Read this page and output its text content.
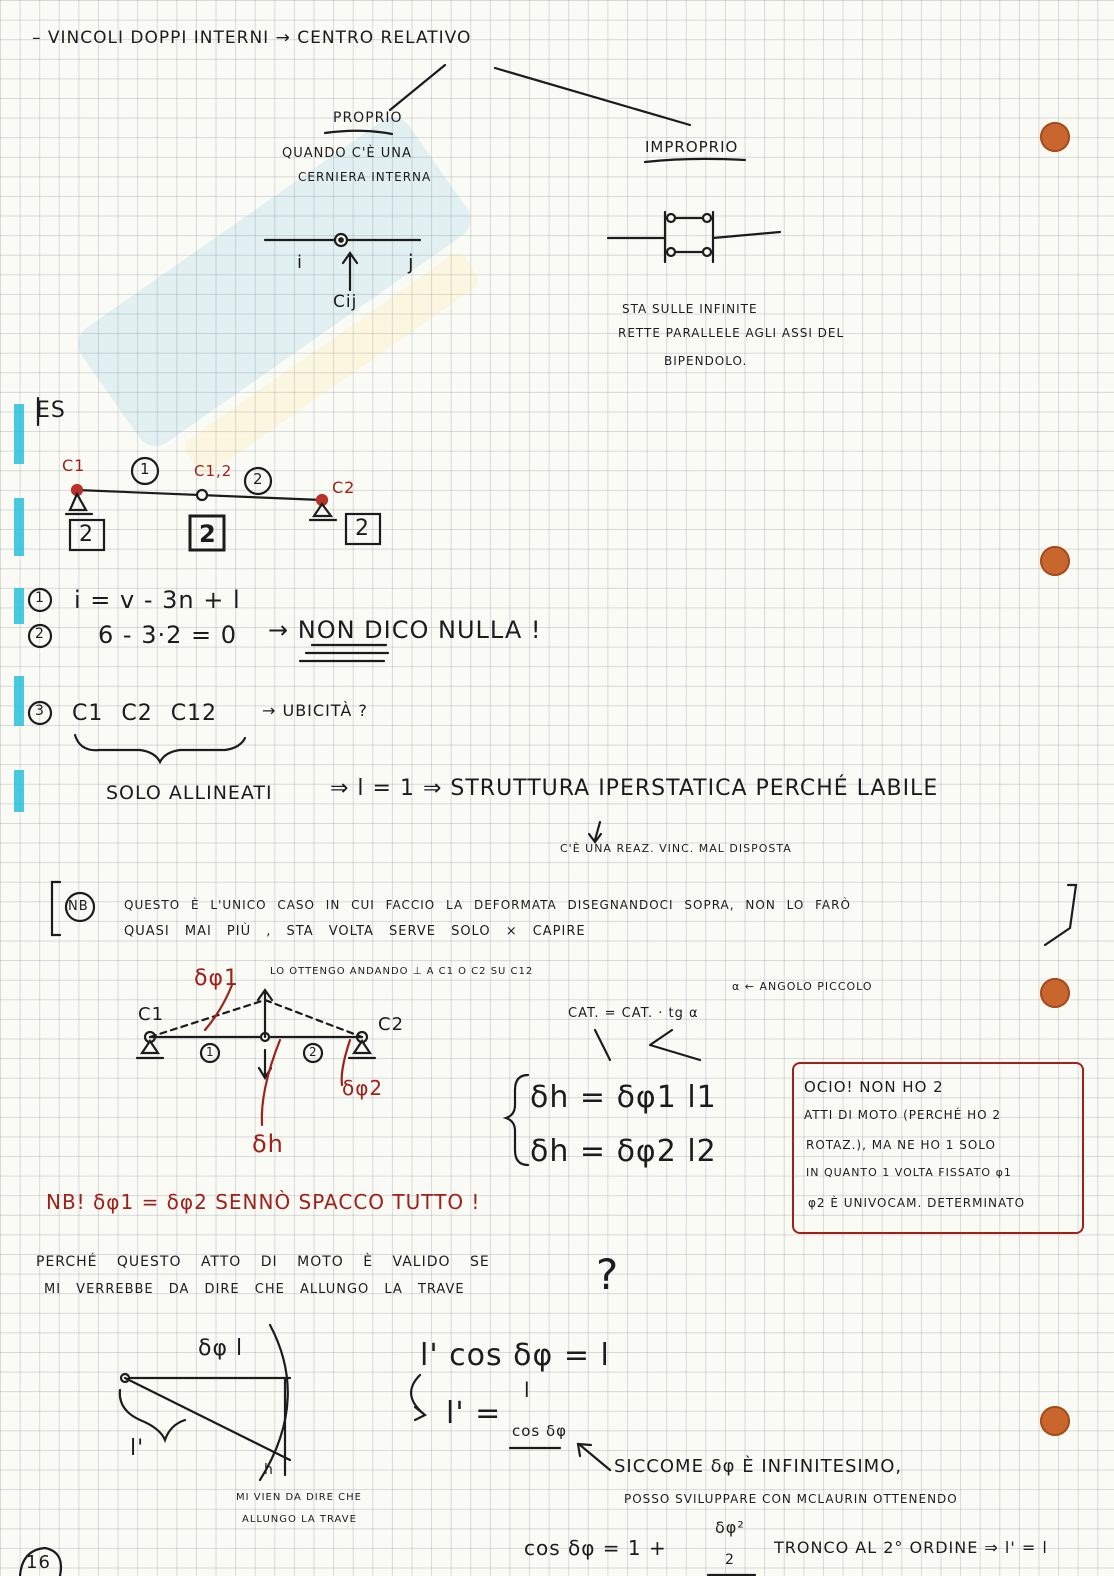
– VINCOLI DOPPI INTERNI → CENTRO RELATIVO
PROPRIO
QUANDO C'È UNA
CERNIERA INTERNA
i	j
Cij
IMPROPRIO
STA SULLE INFINITE
RETTE PARALLELE AGLI ASSI DEL
BIPENDOLO.
ES
C1	1	C1,2 2	C2
2	2	2
1 i = v - 3n + l
2 6 - 3·2 = 0 → NON DICO NULLA !
3 C1 C2 C12	→ UBICITÀ ?
SOLO ALLINEATI	⇒ l = 1 ⇒ STRUTTURA IPERSTATICA PERCHÉ LABILE
C'È UNA REAZ. VINC. MAL DISPOSTA
NB	QUESTO È L'UNICO CASO IN CUI FACCIO LA DEFORMATA DISEGNANDOCI SOPRA, NON LO FARÒ
QUASI MAI PIÙ , STA VOLTA SERVE SOLO × CAPIRE
δφ1	LO OTTENGO ANDANDO ⊥ A C1 O C2 SU C12
C1	C2
1	2
δφ2
δh
α ← ANGOLO PICCOLO
CAT. = CAT. · tg α
δh = δφ1 l1
δh = δφ2 l2
NB! δφ1 = δφ2 SENNÒ SPACCO TUTTO !
OCIO! NON HO 2
ATTI DI MOTO (PERCHÉ HO 2
ROTAZ.), MA NE HO 1 SOLO
IN QUANTO 1 VOLTA FISSATO φ1
φ2 È UNIVOCAM. DETERMINATO
PERCHÉ QUESTO ATTO DI MOTO È VALIDO SE
MI VERREBBE DA DIRE CHE ALLUNGO LA TRAVE	?
δφ l
l'
h
l' cos δφ = l
l' =
l
cos δφ
SICCOME δφ È INFINITESIMO,
POSSO SVILUPPARE CON MCLAURIN OTTENENDO
MI VIEN DA DIRE CHE
ALLUNGO LA TRAVE
cos δφ = 1 +
δφ²
2
TRONCO AL 2° ORDINE ⇒ l' = l
16
